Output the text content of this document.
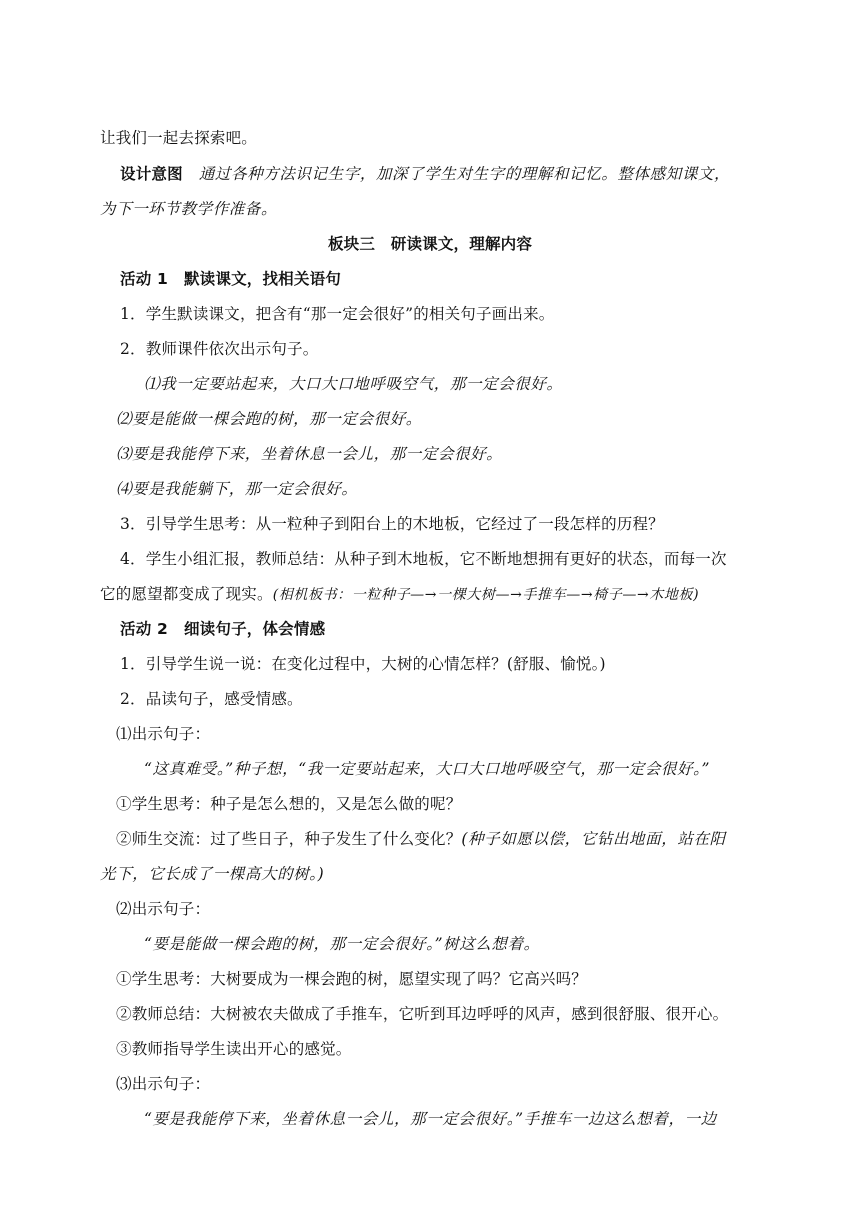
让我们一起去探索吧。
设计意图 通过各种方法识记生字，加深了学生对生字的理解和记忆。整体感知课文，
为下一环节教学作准备。
板块三　研读课文，理解内容
活动 1 默读课文，找相关语句
1．学生默读课文，把含有“那一定会很好”的相关句子画出来。
2．教师课件依次出示句子。
⑴我一定要站起来，大口大口地呼吸空气，那一定会很好。
⑵要是能做一棵会跑的树，那一定会很好。
⑶要是我能停下来，坐着休息一会儿，那一定会很好。
⑷要是我能躺下，那一定会很好。
3．引导学生思考：从一粒种子到阳台上的木地板，它经过了一段怎样的历程？
4．学生小组汇报，教师总结：从种子到木地板，它不断地想拥有更好的状态，而每一次
它的愿望都变成了现实。(相机板书：一粒种子—→一棵大树—→手推车—→椅子—→木地板)
活动 2 细读句子，体会情感
1．引导学生说一说：在变化过程中，大树的心情怎样？(舒服、愉悦。)
2．品读句子，感受情感。
⑴出示句子：
“这真难受。”种子想，“我一定要站起来，大口大口地呼吸空气，那一定会很好。”
①学生思考：种子是怎么想的，又是怎么做的呢？
②师生交流：过了些日子，种子发生了什么变化？(种子如愿以偿，它钻出地面，站在阳
光下，它长成了一棵高大的树。)
⑵出示句子：
“要是能做一棵会跑的树，那一定会很好。”树这么想着。
①学生思考：大树要成为一棵会跑的树，愿望实现了吗？它高兴吗？
②教师总结：大树被农夫做成了手推车，它听到耳边呼呼的风声，感到很舒服、很开心。
③教师指导学生读出开心的感觉。
⑶出示句子：
“要是我能停下来，坐着休息一会儿，那一定会很好。”手推车一边这么想着，一边
